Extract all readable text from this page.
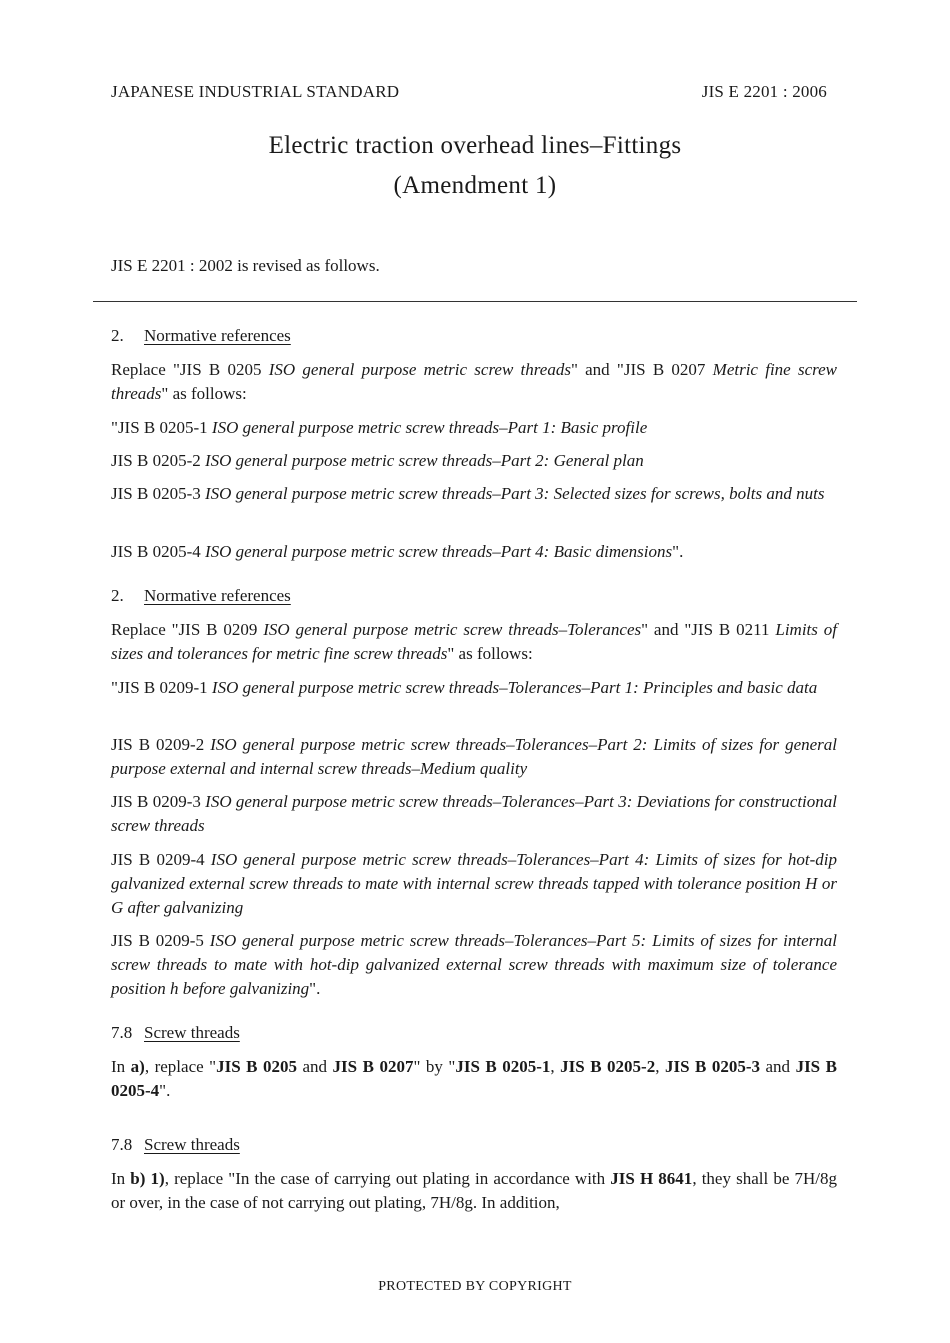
JAPANESE INDUSTRIAL STANDARD	JIS E 2201 : 2006
Electric traction overhead lines–Fittings
(Amendment 1)
JIS E 2201 : 2002 is revised as follows.
2. Normative references
Replace "JIS B 0205 ISO general purpose metric screw threads" and "JIS B 0207 Metric fine screw threads" as follows:
"JIS B 0205-1 ISO general purpose metric screw threads–Part 1: Basic profile
JIS B 0205-2 ISO general purpose metric screw threads–Part 2: General plan
JIS B 0205-3 ISO general purpose metric screw threads–Part 3: Selected sizes for screws, bolts and nuts
JIS B 0205-4 ISO general purpose metric screw threads–Part 4: Basic dimensions".
2. Normative references
Replace "JIS B 0209 ISO general purpose metric screw threads–Tolerances" and "JIS B 0211 Limits of sizes and tolerances for metric fine screw threads" as follows:
"JIS B 0209-1 ISO general purpose metric screw threads–Tolerances–Part 1: Principles and basic data
JIS B 0209-2 ISO general purpose metric screw threads–Tolerances–Part 2: Limits of sizes for general purpose external and internal screw threads–Medium quality
JIS B 0209-3 ISO general purpose metric screw threads–Tolerances–Part 3: Deviations for constructional screw threads
JIS B 0209-4 ISO general purpose metric screw threads–Tolerances–Part 4: Limits of sizes for hot-dip galvanized external screw threads to mate with internal screw threads tapped with tolerance position H or G after galvanizing
JIS B 0209-5 ISO general purpose metric screw threads–Tolerances–Part 5: Limits of sizes for internal screw threads to mate with hot-dip galvanized external screw threads with maximum size of tolerance position h before galvanizing".
7.8 Screw threads
In a), replace "JIS B 0205 and JIS B 0207" by "JIS B 0205-1, JIS B 0205-2, JIS B 0205-3 and JIS B 0205-4".
7.8 Screw threads
In b) 1), replace "In the case of carrying out plating in accordance with JIS H 8641, they shall be 7H/8g or over, in the case of not carrying out plating, 7H/8g. In addition,
PROTECTED BY COPYRIGHT
